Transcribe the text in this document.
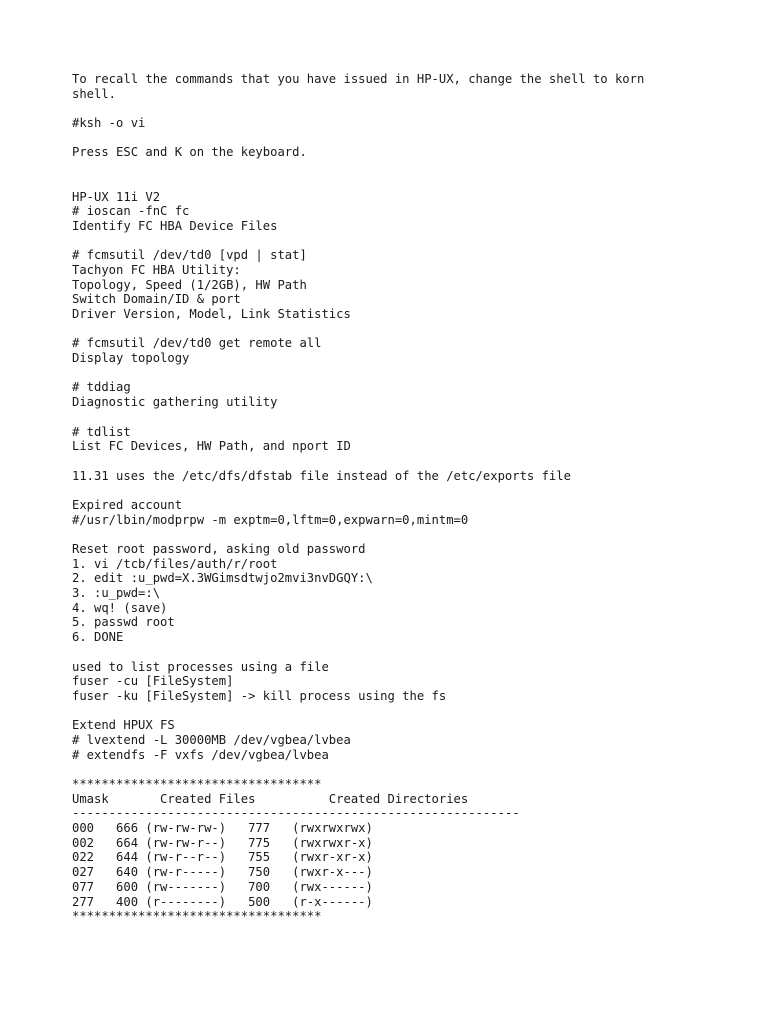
To recall the commands that you have issued in HP-UX, change the shell to korn
shell.
#ksh -o vi
Press ESC and K on the keyboard.
HP-UX 11i V2
# ioscan -fnC fc
Identify FC HBA Device Files
# fcmsutil /dev/td0 [vpd | stat]
Tachyon FC HBA Utility:
Topology, Speed (1/2GB), HW Path
Switch Domain/ID & port
Driver Version, Model, Link Statistics
# fcmsutil /dev/td0 get remote all
Display topology
# tddiag
Diagnostic gathering utility
# tdlist
List FC Devices, HW Path, and nport ID
11.31 uses the /etc/dfs/dfstab file instead of the /etc/exports file
Expired account
#/usr/lbin/modprpw -m exptm=0,lftm=0,expwarn=0,mintm=0
Reset root password, asking old password
1. vi /tcb/files/auth/r/root
2. edit :u_pwd=X.3WGimsdtwjo2mvi3nvDGQY:\
3. :u_pwd=:\
4. wq! (save)
5. passwd root
6. DONE
used to list processes using a file
fuser -cu [FileSystem]
fuser -ku [FileSystem] -> kill process using the fs
Extend HPUX FS
# lvextend -L 30000MB /dev/vgbea/lvbea
# extendfs -F vxfs /dev/vgbea/lvbea
**********************************
Umask       Created Files          Created Directories
-------------------------------------------------------------
000   666 (rw-rw-rw-)   777   (rwxrwxrwx)
002   664 (rw-rw-r--)   775   (rwxrwxr-x)
022   644 (rw-r--r--)   755   (rwxr-xr-x)
027   640 (rw-r-----)   750   (rwxr-x---)
077   600 (rw-------)   700   (rwx------)
277   400 (r--------)   500   (r-x------)
**********************************
